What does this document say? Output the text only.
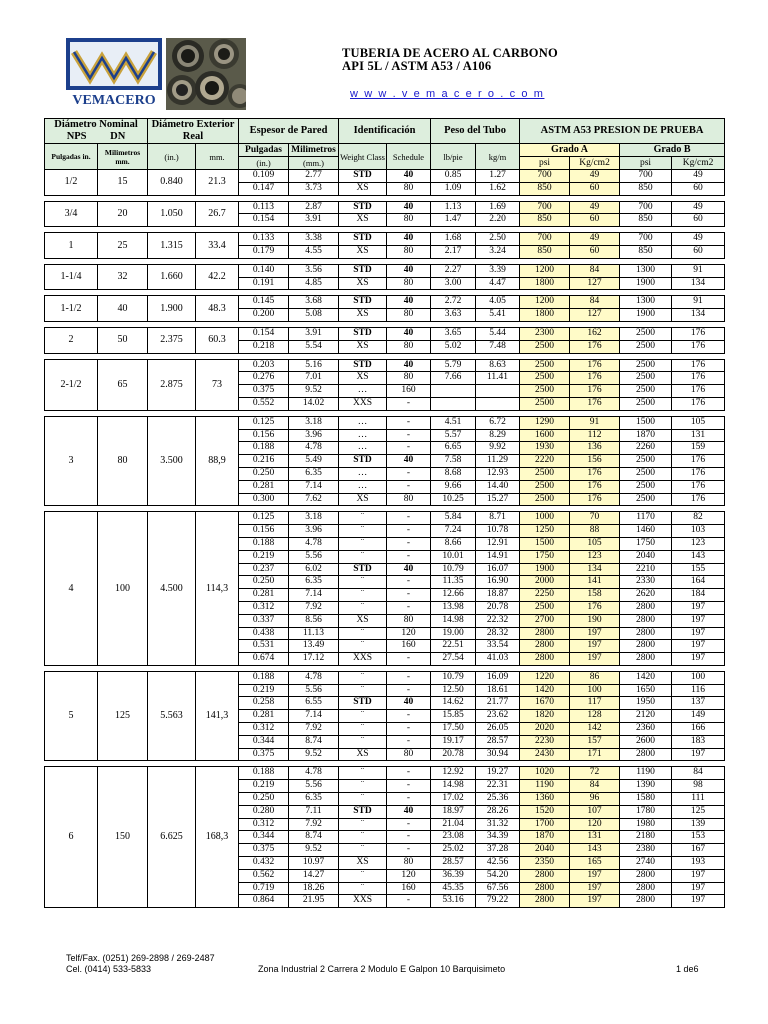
VEMACERO
TUBERIA DE ACERO AL CARBONO
API 5L / ASTM A53 / A106
w w w . v e m a c e r o . c o m
Diámetro Nominal
NPS DN		Diámetro Exterior Real		Espesor de Pared		Identificación		Peso del Tubo		ASTM A53 PRESION DE PRUEBA			
Pulgadas in.	Milimetros mm.	(in.)	mm.	Pulgadas	Milimetros	Weight Class	Schedule	lb/pie	kg/m	Grado A		Grado B	
				(in.)	(mm.)					psi	Kg/cm2	psi	Kg/cm2
1/2	15	0.840	21.3	0.109	2.77	STD	40	0.85	1.27	700	49	700	49
				0.147	3.73	XS	80	1.09	1.62	850	60	850	60

3/4	20	1.050	26.7	0.113	2.87	STD	40	1.13	1.69	700	49	700	49
				0.154	3.91	XS	80	1.47	2.20	850	60	850	60

1	25	1.315	33.4	0.133	3.38	STD	40	1.68	2.50	700	49	700	49
				0.179	4.55	XS	80	2.17	3.24	850	60	850	60

1-1/4	32	1.660	42.2	0.140	3.56	STD	40	2.27	3.39	1200	84	1300	91
				0.191	4.85	XS	80	3.00	4.47	1800	127	1900	134

1-1/2	40	1.900	48.3	0.145	3.68	STD	40	2.72	4.05	1200	84	1300	91
				0.200	5.08	XS	80	3.63	5.41	1800	127	1900	134

2	50	2.375	60.3	0.154	3.91	STD	40	3.65	5.44	2300	162	2500	176
				0.218	5.54	XS	80	5.02	7.48	2500	176	2500	176

2-1/2	65	2.875	73	0.203	5.16	STD	40	5.79	8.63	2500	176	2500	176
				0.276	7.01	XS	80	7.66	11.41	2500	176	2500	176
				0.375	9.52	…	160			2500	176	2500	176
				0.552	14.02	XXS	-			2500	176	2500	176

3	80	3.500	88,9	0.125	3.18	…	-	4.51	6.72	1290	91	1500	105
				0.156	3.96	…	-	5.57	8.29	1600	112	1870	131
				0.188	4.78	…	-	6.65	9.92	1930	136	2260	159
				0.216	5.49	STD	40	7.58	11.29	2220	156	2500	176
				0.250	6.35	…	-	8.68	12.93	2500	176	2500	176
				0.281	7.14	…	-	9.66	14.40	2500	176	2500	176
				0.300	7.62	XS	80	10.25	15.27	2500	176	2500	176

4	100	4.500	114,3	0.125	3.18	¨	-	5.84	8.71	1000	70	1170	82
				0.156	3.96	¨	-	7.24	10.78	1250	88	1460	103
				0.188	4.78	¨	-	8.66	12.91	1500	105	1750	123
				0.219	5.56	¨	-	10.01	14.91	1750	123	2040	143
				0.237	6.02	STD	40	10.79	16.07	1900	134	2210	155
				0.250	6.35	¨	-	11.35	16.90	2000	141	2330	164
				0.281	7.14	¨	-	12.66	18.87	2250	158	2620	184
				0.312	7.92	¨	-	13.98	20.78	2500	176	2800	197
				0.337	8.56	XS	80	14.98	22.32	2700	190	2800	197
				0.438	11.13	¨	120	19.00	28.32	2800	197	2800	197
				0.531	13.49	¨	160	22.51	33.54	2800	197	2800	197
				0.674	17.12	XXS	-	27.54	41.03	2800	197	2800	197

5	125	5.563	141,3	0.188	4.78	¨	-	10.79	16.09	1220	86	1420	100
				0.219	5.56	¨	-	12.50	18.61	1420	100	1650	116
				0.258	6.55	STD	40	14.62	21.77	1670	117	1950	137
				0.281	7.14	¨	-	15.85	23.62	1820	128	2120	149
				0.312	7.92	¨	-	17.50	26.05	2020	142	2360	166
				0.344	8.74	¨	-	19.17	28.57	2230	157	2600	183
				0.375	9.52	XS	80	20.78	30.94	2430	171	2800	197

6	150	6.625	168,3	0.188	4.78	¨	-	12.92	19.27	1020	72	1190	84
				0.219	5.56	¨	-	14.98	22.31	1190	84	1390	98
				0.250	6.35	¨	-	17.02	25.36	1360	96	1580	111
				0.280	7.11	STD	40	18.97	28.26	1520	107	1780	125
				0.312	7.92	¨	-	21.04	31.32	1700	120	1980	139
				0.344	8.74	¨	-	23.08	34.39	1870	131	2180	153
				0.375	9.52	¨	-	25.02	37.28	2040	143	2380	167
				0.432	10.97	XS	80	28.57	42.56	2350	165	2740	193
				0.562	14.27	¨	120	36.39	54.20	2800	197	2800	197
				0.719	18.26	¨	160	45.35	67.56	2800	197	2800	197
				0.864	21.95	XXS	-	53.16	79.22	2800	197	2800	197
Telf/Fax. (0251) 269-2898 / 269-2487
Cel. (0414) 533-5833	Zona Industrial 2 Carrera 2 Modulo E Galpon 10 Barquisimeto	1 de6
